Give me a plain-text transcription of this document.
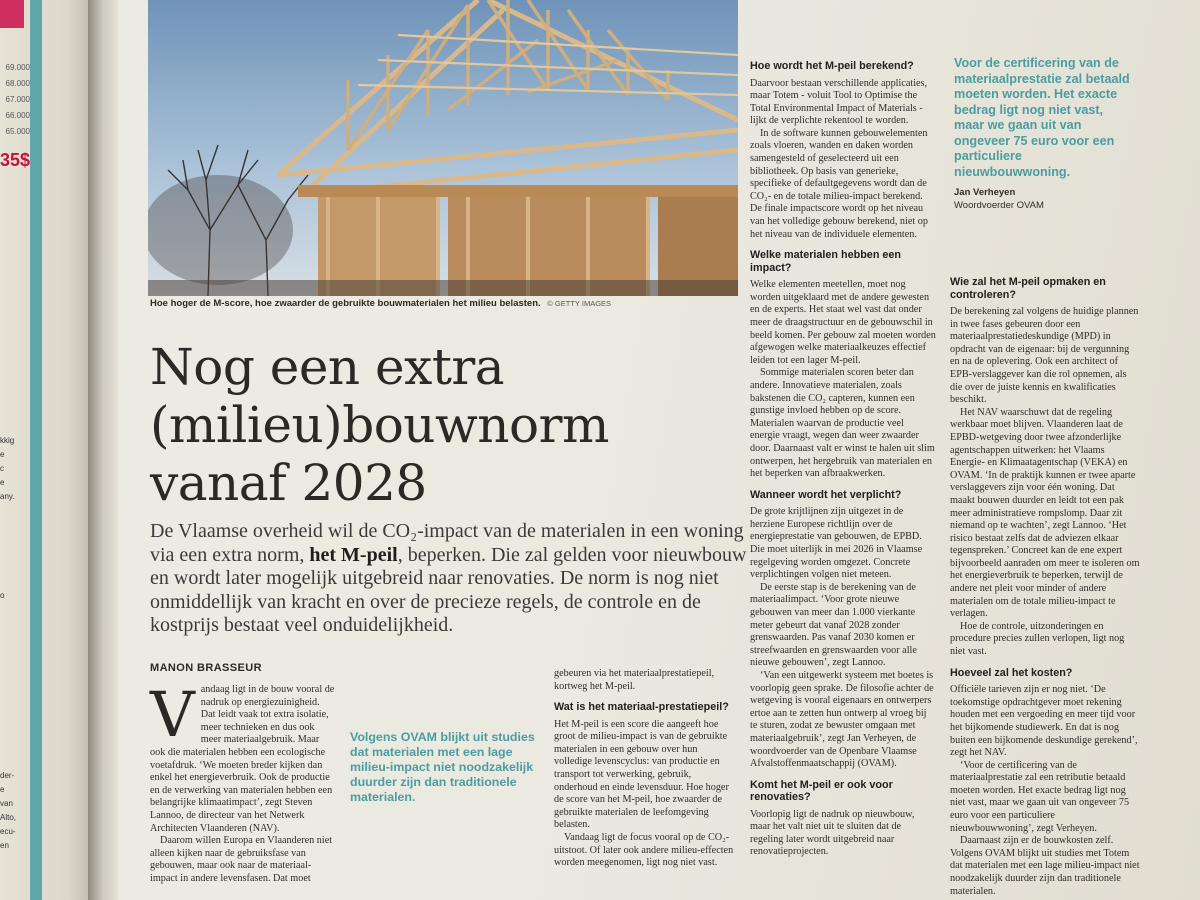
69.000
68.000
67.000
66.000
65.000
35$
kkig
e
c
e
any.
o
der-
e
van
Alto,
ecu-
en
Hoe hoger de M-score, hoe zwaarder de gebruikte bouwmaterialen het milieu belasten. © GETTY IMAGES
Nog een extra
(milieu)bouwnorm
vanaf 2028
De Vlaamse overheid wil de CO₂-impact van de materialen in een woning via een extra norm, het M-peil, beperken. Die zal gelden voor nieuwbouw en wordt later mogelijk uitgebreid naar renovaties. De norm is nog niet onmiddellijk van kracht en over de precieze regels, de controle en de kostprijs bestaat veel onduidelijkheid.
MANON BRASSEUR
V andaag ligt in de bouw vooral de nadruk op energiezuinigheid. Dat leidt vaak tot extra isolatie, meer technieken en dus ook meer materiaalgebruik. Maar ook die materialen hebben een ecologische voetafdruk. ‘We moeten breder kijken dan enkel het energieverbruik. Ook de productie en de verwerking van materialen hebben een belangrijke klimaatimpact’, zegt Steven Lannoo, de directeur van het Netwerk Architecten Vlaanderen (NAV).

Daarom willen Europa en Vlaanderen niet alleen kijken naar de gebruiksfase van gebouwen, maar ook naar de materiaal-impact in andere levensfasen. Dat moet

Volgens OVAM blijkt uit studies dat materialen met een lage milieu-impact niet noodzakelijk duurder zijn dan traditionele materialen.

gebeuren via het materiaalprestatiepeil, kortweg het M-peil.

Wat is het materiaal-prestatiepeil?

Het M-peil is een score die aangeeft hoe groot de milieu-impact is van de gebruikte materialen in een gebouw over hun volledige levenscyclus: van productie en transport tot verwerking, gebruik, onderhoud en einde levensduur. Hoe hoger de score van het M-peil, hoe zwaarder de gebruikte materialen de leefomgeving belasten.

Vandaag ligt de focus vooral op de CO₂-uitstoot. Of later ook andere milieu-effecten worden meegenomen, ligt nog niet vast.

Hoe wordt het M-peil berekend?

Daarvoor bestaan verschillende applicaties, maar Totem - voluit Tool to Optimise the Total Environmental Impact of Materials - lijkt de verplichte rekentool te worden.

In de software kunnen gebouwelementen zoals vloeren, wanden en daken worden samengesteld of geselecteerd uit een bibliotheek. Op basis van generieke, specifieke of defaultgegevens wordt dan de CO₂- en de totale milieu-impact berekend. De finale impactscore wordt op het niveau van het volledige gebouw berekend, niet op het niveau van de individuele elementen.

Welke materialen hebben een impact?

Welke elementen meetellen, moet nog worden uitgeklaard met de andere gewesten en de experts. Het staat wel vast dat onder meer de draagstructuur en de gebouwschil in beeld komen. Per gebouw zal moeten worden afgewogen welke materiaalkeuzes effectief leiden tot een lager M-peil.

Sommige materialen scoren beter dan andere. Innovatieve materialen, zoals bakstenen die CO₂ capteren, kunnen een gunstige invloed hebben op de score. Materialen waarvan de productie veel energie vraagt, wegen dan weer zwaarder door. Daarnaast valt er winst te halen uit slim ontwerpen, het hergebruik van materialen en het beperken van afbraakwerken.

Wanneer wordt het verplicht?

De grote krijtlijnen zijn uitgezet in de herziene Europese richtlijn over de energieprestatie van gebouwen, de EPBD. Die moet uiterlijk in mei 2026 in Vlaamse regelgeving worden omgezet. Concrete verplichtingen volgen niet meteen.

De eerste stap is de berekening van de materiaalimpact. ‘Voor grote nieuwe gebouwen van meer dan 1.000 vierkante meter gebeurt dat vanaf 2028 zonder grenswaarden. Pas vanaf 2030 komen er streefwaarden en grenswaarden voor alle nieuwe gebouwen’, zegt Lannoo.

‘Van een uitgewerkt systeem met boetes is voorlopig geen sprake. De filosofie achter de wetgeving is vooral eigenaars en ontwerpers ertoe aan te zetten hun ontwerp al vroeg bij te sturen, zodat ze bewuster omgaan met materiaalgebruik’, zegt Jan Verheyen, de woordvoerder van de Openbare Vlaamse Afvalstoffenmaatschappij (OVAM).

Komt het M-peil er ook voor renovaties?

Voorlopig ligt de nadruk op nieuwbouw, maar het valt niet uit te sluiten dat de regeling later wordt uitgebreid naar renovatieprojecten.

Voor de certificering van de materiaalprestatie zal betaald moeten worden. Het exacte bedrag ligt nog niet vast, maar we gaan uit van ongeveer 75 euro voor een particuliere nieuwbouwwoning.
Jan Verheyen
Woordvoerder OVAM
Wie zal het M-peil opmaken en controleren?

De berekening zal volgens de huidige plannen in twee fases gebeuren door een materiaalprestatiedeskundige (MPD) in opdracht van de eigenaar: bij de vergunning en na de oplevering. Ook een architect of EPB-verslaggever kan die rol opnemen, als die over de juiste kennis en kwalificaties beschikt.

Het NAV waarschuwt dat de regeling werkbaar moet blijven. Vlaanderen laat de EPBD-wetgeving door twee afzonderlijke agentschappen uitwerken: het Vlaams Energie- en Klimaatagentschap (VEKA) en OVAM. ‘In de praktijk kunnen er twee aparte verslaggevers zijn voor één woning. Dat maakt bouwen duurder en leidt tot een pak meer administratieve rompslomp. Daar zit niemand op te wachten’, zegt Lannoo. ‘Het risico bestaat zelfs dat de adviezen elkaar tegenspreken.’ Concreet kan de ene expert bijvoorbeeld aanraden om meer te isoleren om het energieverbruik te beperken, terwijl de andere net pleit voor minder of andere materialen om de totale milieu-impact te verlagen.

Hoe de controle, uitzonderingen en procedure precies zullen verlopen, ligt nog niet vast.

Hoeveel zal het kosten?

Officiële tarieven zijn er nog niet. ‘De toekomstige opdrachtgever moet rekening houden met een vergoeding en meer tijd voor het bijkomende studiewerk. En dat is nog buiten een bijkomende deskundige gerekend’, zegt het NAV.

‘Voor de certificering van de materiaalprestatie zal een retributie betaald moeten worden. Het exacte bedrag ligt nog niet vast, maar we gaan uit van ongeveer 75 euro voor een particuliere nieuwbouwwoning’, zegt Verheyen.

Daarnaast zijn er de bouwkosten zelf. Volgens OVAM blijkt uit studies met Totem dat materialen met een lage milieu-impact niet noodzakelijk duurder zijn dan traditionele materialen.
